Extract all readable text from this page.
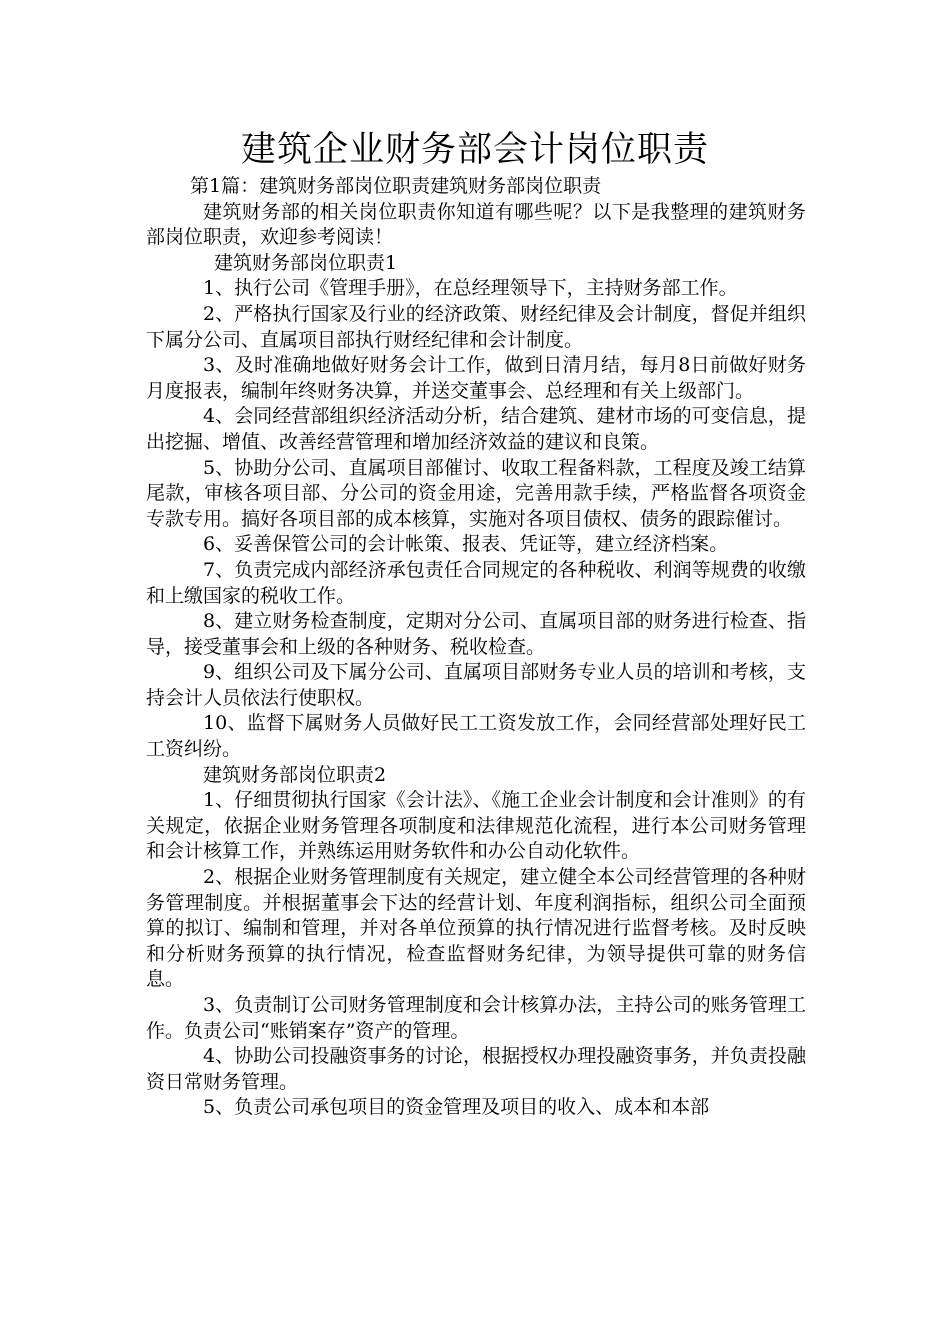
建筑企业财务部会计岗位职责

第1篇：建筑财务部岗位职责建筑财务部岗位职责

建筑财务部的相关岗位职责你知道有哪些呢？以下是我整理的建筑财务部岗位职责，欢迎参考阅读！

建筑财务部岗位职责1

1、执行公司《管理手册》，在总经理领导下，主持财务部工作。

2、严格执行国家及行业的经济政策、财经纪律及会计制度，督促并组织下属分公司、直属项目部执行财经纪律和会计制度。

3、及时准确地做好财务会计工作，做到日清月结，每月8日前做好财务月度报表，编制年终财务决算，并送交董事会、总经理和有关上级部门。

4、会同经营部组织经济活动分析，结合建筑、建材市场的可变信息，提出挖掘、增值、改善经营管理和增加经济效益的建议和良策。

5、协助分公司、直属项目部催讨、收取工程备料款，工程度及竣工结算尾款，审核各项目部、分公司的资金用途，完善用款手续，严格监督各项资金专款专用。搞好各项目部的成本核算，实施对各项目债权、债务的跟踪催讨。

6、妥善保管公司的会计帐策、报表、凭证等，建立经济档案。

7、负责完成内部经济承包责任合同规定的各种税收、利润等规费的收缴和上缴国家的税收工作。

8、建立财务检查制度，定期对分公司、直属项目部的财务进行检查、指导，接受董事会和上级的各种财务、税收检查。

9、组织公司及下属分公司、直属项目部财务专业人员的培训和考核，支持会计人员依法行使职权。

10、监督下属财务人员做好民工工资发放工作，会同经营部处理好民工工资纠纷。

建筑财务部岗位职责2

1、仔细贯彻执行国家《会计法》、《施工企业会计制度和会计准则》的有关规定，依据企业财务管理各项制度和法律规范化流程，进行本公司财务管理和会计核算工作，并熟练运用财务软件和办公自动化软件。

2、根据企业财务管理制度有关规定，建立健全本公司经营管理的各种财务管理制度。并根据董事会下达的经营计划、年度利润指标，组织公司全面预算的拟订、编制和管理，并对各单位预算的执行情况进行监督考核。及时反映和分析财务预算的执行情况，检查监督财务纪律，为领导提供可靠的财务信息。

3、负责制订公司财务管理制度和会计核算办法，主持公司的账务管理工作。负责公司“账销案存”资产的管理。

4、协助公司投融资事务的讨论，根据授权办理投融资事务，并负责投融资日常财务管理。

5、负责公司承包项目的资金管理及项目的收入、成本和本部
